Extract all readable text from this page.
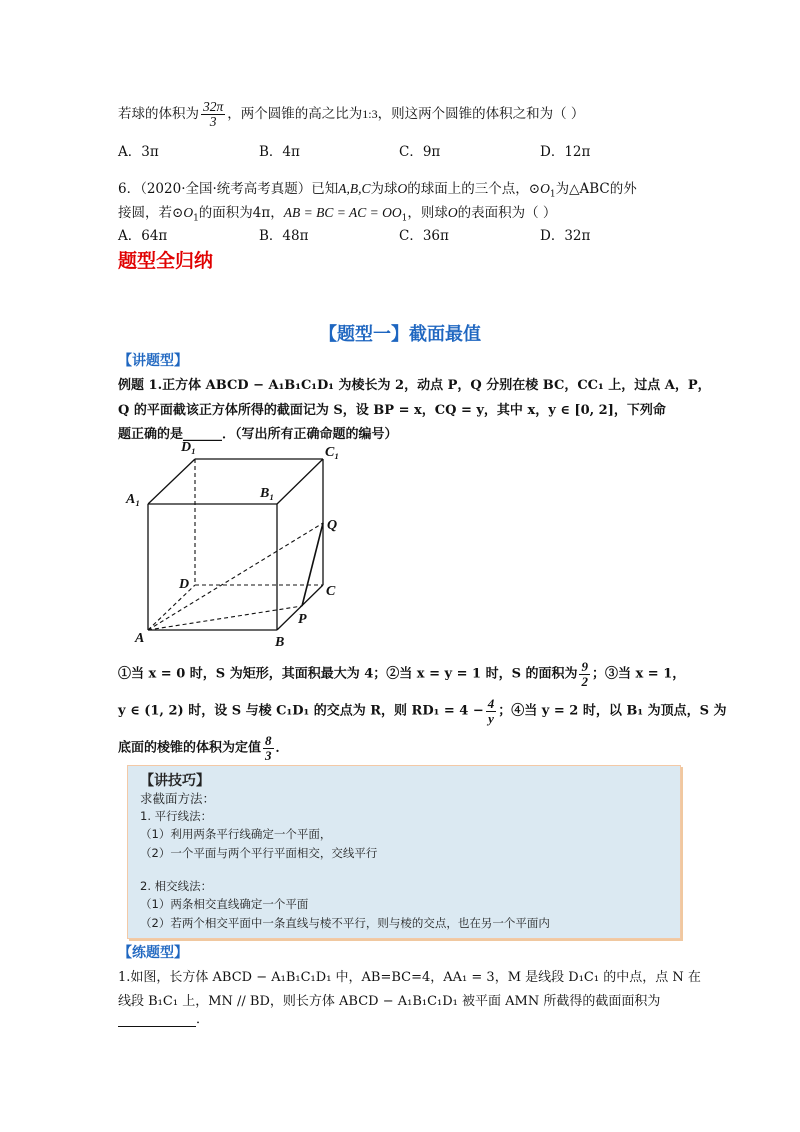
若球的体积为 $\frac{32\pi}{3}$ ，两个圆锥的高之比为1:3，则这两个圆锥的体积之和为（ ）
A．3π	B．4π	C．9π	D．12π
6．（2020·全国·统考高考真题）已知A,B,C为球O的球面上的三个点，$⊙O_1$为△ABC的外
接圆，若$⊙O_1$的面积为4π，AB = BC = AC = $OO_1$，则球O的表面积为（ ）
A．64π	B．48π	C．36π	D．32π
题型全归纳
【题型一】截面最值
【讲题型】
例题 1.正方体 ABCD − A₁B₁C₁D₁ 为棱长为 2，动点 P，Q 分别在棱 BC，CC₁ 上，过点 A，P，
Q 的平面截该正方体所得的截面记为 S，设 BP = x，CQ = y，其中 x，y ∈ [0, 2]，下列命
题正确的是______．（写出所有正确命题的编号）
D₁	C₁
A₁	B₁
Q
D	C
P
A	B
①当 x = 0 时，S 为矩形，其面积最大为 4；②当 x = y = 1 时，S 的面积为 $\frac{9}{2}$ ；③当 x = 1，
y ∈ (1, 2) 时，设 S 与棱 C₁D₁ 的交点为 R，则 $RD_1 = 4 - \frac{4}{y}$ ；④当 y = 2 时，以 B₁ 为顶点，S 为
底面的棱锥的体积为定值 $\frac{8}{3}$ ．
【讲技巧】
求截面方法：
1. 平行线法：
（1）利用两条平行线确定一个平面，
（2）一个平面与两个平行平面相交，交线平行
2. 相交线法：
（1）两条相交直线确定一个平面
（2）若两个相交平面中一条直线与棱不平行，则与棱的交点，也在另一个平面内
【练题型】
1.如图，长方体 ABCD − A₁B₁C₁D₁ 中，AB=BC=4，AA₁ = 3，M 是线段 D₁C₁ 的中点，点 N 在
线段 B₁C₁ 上，MN // BD，则长方体 ABCD − A₁B₁C₁D₁ 被平面 AMN 所截得的截面面积为
．
